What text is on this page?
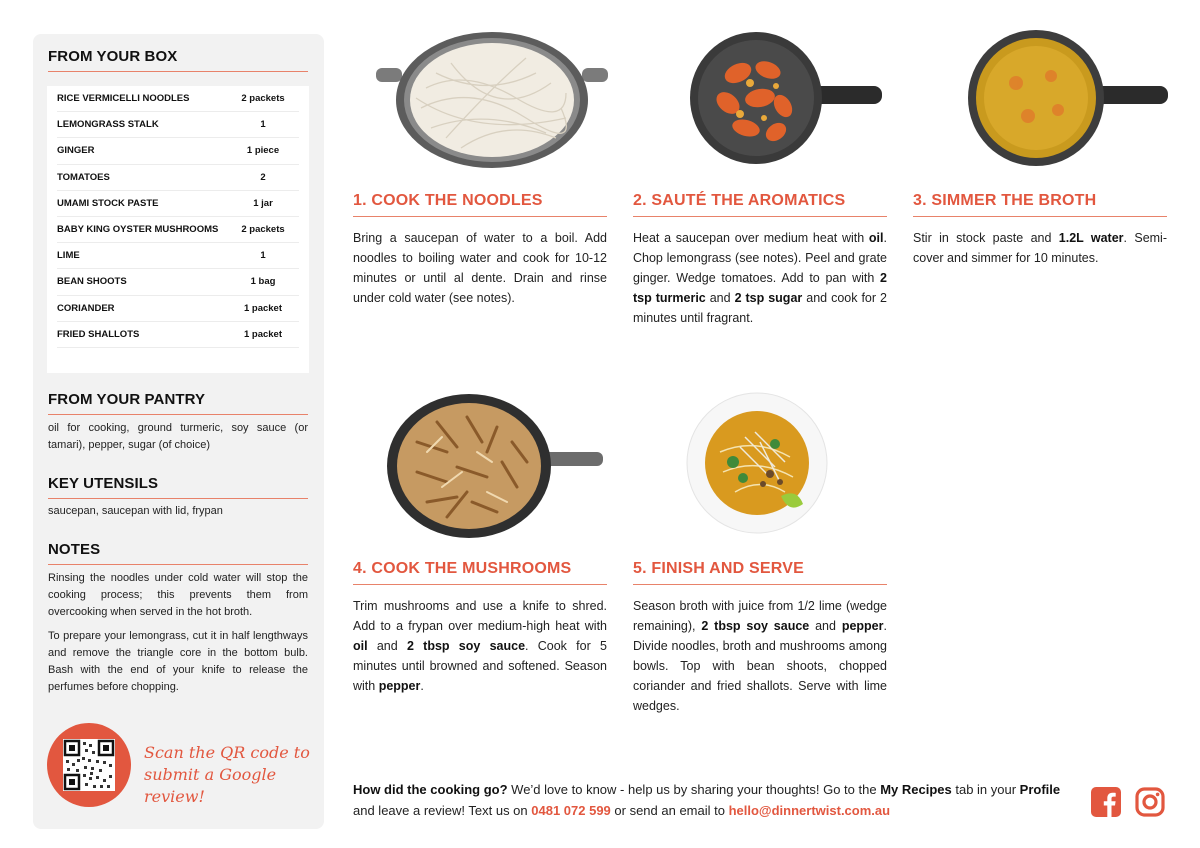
FROM YOUR BOX
RICE VERMICELLI NOODLES	2 packets
LEMONGRASS STALK	1
GINGER	1 piece
TOMATOES	2
UMAMI STOCK PASTE	1 jar
BABY KING OYSTER MUSHROOMS	2 packets
LIME	1
BEAN SHOOTS	1 bag
CORIANDER	1 packet
FRIED SHALLOTS	1 packet
FROM YOUR PANTRY
oil for cooking, ground turmeric, soy sauce (or tamari), pepper, sugar (of choice)
KEY UTENSILS
saucepan, saucepan with lid, frypan
NOTES
Rinsing the noodles under cold water will stop the cooking process; this prevents them from overcooking when served in the hot broth.
To prepare your lemongrass, cut it in half lengthways and remove the triangle core in the bottom bulb. Bash with the end of your knife to release the perfumes before chopping.
Scan the QR code to
submit a Google review!
1. COOK THE NOODLES
Bring a saucepan of water to a boil. Add noodles to boiling water and cook for 10-12 minutes or until al dente. Drain and rinse under cold water (see notes).
2. SAUTÉ THE AROMATICS
Heat a saucepan over medium heat with oil. Chop lemongrass (see notes). Peel and grate ginger. Wedge tomatoes. Add to pan with 2 tsp turmeric and 2 tsp sugar and cook for 2 minutes until fragrant.
3. SIMMER THE BROTH
Stir in stock paste and 1.2L water. Semi-cover and simmer for 10 minutes.
4. COOK THE MUSHROOMS
Trim mushrooms and use a knife to shred. Add to a frypan over medium-high heat with oil and 2 tbsp soy sauce. Cook for 5 minutes until browned and softened. Season with pepper.
5. FINISH AND SERVE
Season broth with juice from 1/2 lime (wedge remaining), 2 tbsp soy sauce and pepper. Divide noodles, broth and mushrooms among bowls. Top with bean shoots, chopped coriander and fried shallots. Serve with lime wedges.
How did the cooking go? We’d love to know - help us by sharing your thoughts! Go to the My Recipes tab in your Profile and leave a review! Text us on 0481 072 599 or send an email to hello@dinnertwist.com.au
